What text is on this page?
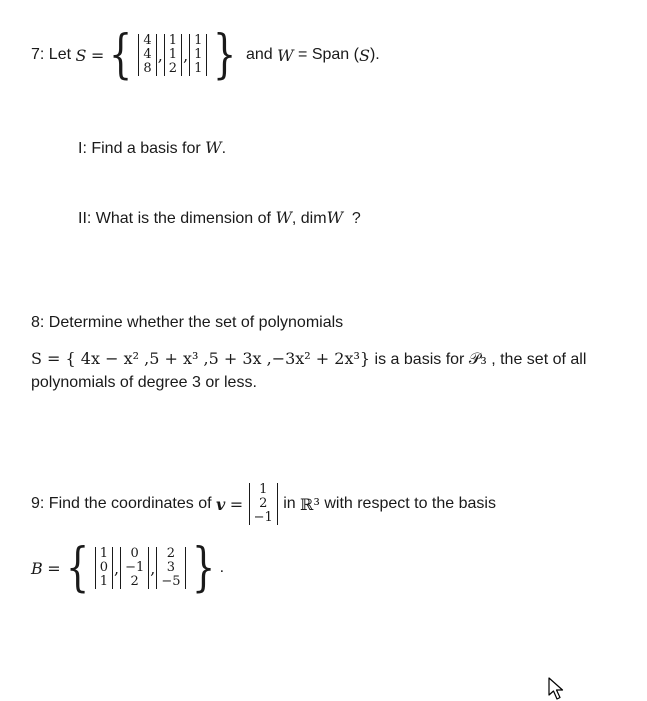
7: Let
S
= { 4
4
8
,
1
1
2
,
1
1
1 }
and
W
= Span ( S ).
I: Find a basis for W.
II: What is the dimension of W, dimW ?
8: Determine whether the set of polynomials
S = { 4x − x² ,5 + x³ ,5 + 3x ,−3x² + 2x³} is a basis for 𝒫₃ , the set of all
polynomials of degree 3 or less.
9: Find the coordinates of
𝒗
=

1
2
−1

in
ℝ³
with respect to the basis
B
= { 1
0
1
,
0
−1
2
,
2
3
−5 } .
